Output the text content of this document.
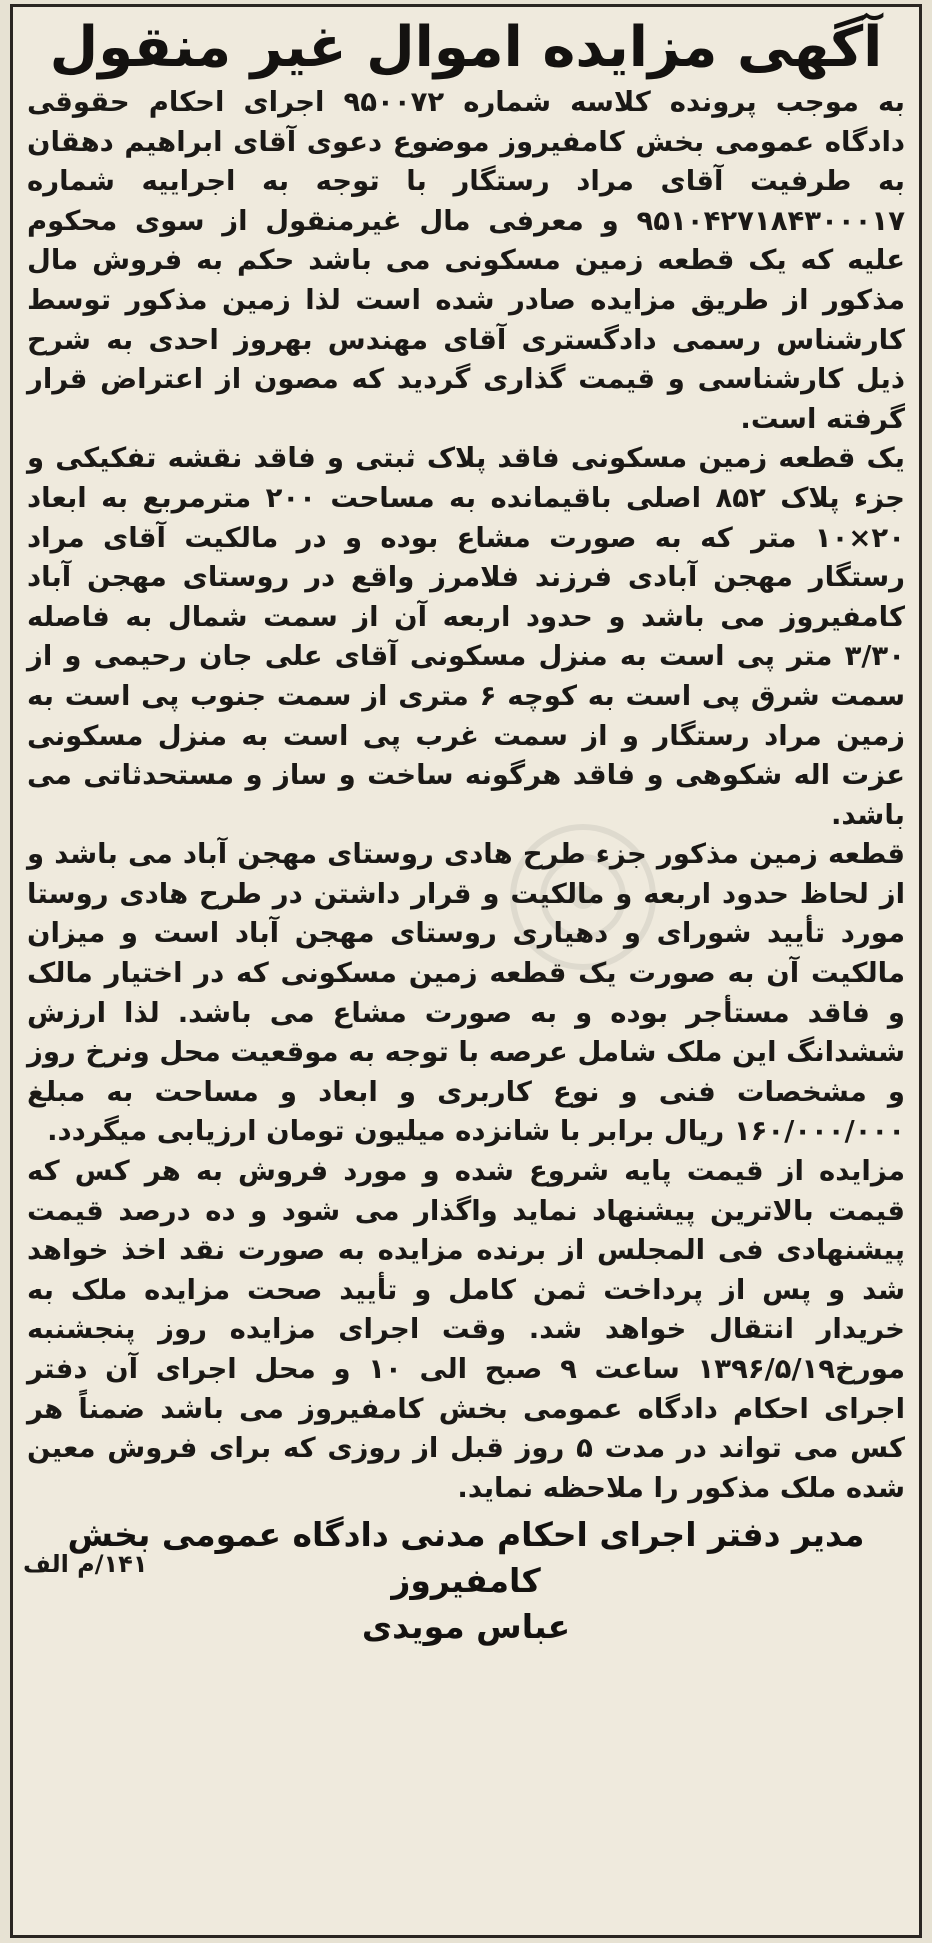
آگهی مزایده اموال غیر منقول

به موجب پرونده کلاسه شماره ۹۵۰۰۷۲ اجرای احکام حقوقی دادگاه عمومی بخش کامفیروز موضوع دعوی آقای ابراهیم دهقان به طرفیت آقای مراد رستگار با توجه به اجراییه شماره ۹۵۱۰۴۲۷۱۸۴۳۰۰۰۱۷ و معرفی مال غیرمنقول از سوی محکوم علیه که یک قطعه زمین مسکونی می باشد حکم به فروش مال مذکور از طریق مزایده صادر شده است لذا زمین مذکور توسط کارشناس رسمی دادگستری آقای مهندس بهروز احدی به شرح ذیل کارشناسی و قیمت گذاری گردید که مصون از اعتراض قرار گرفته است.

یک قطعه زمین مسکونی فاقد پلاک ثبتی و فاقد نقشه تفکیکی و جزء پلاک ۸۵۲ اصلی باقیمانده به مساحت ۲۰۰ مترمربع به ابعاد ۲۰×۱۰ متر که به صورت مشاع بوده و در مالکیت آقای مراد رستگار مهجن آبادی فرزند فلامرز واقع در روستای مهجن آباد کامفیروز می باشد و حدود اربعه آن از سمت شمال به فاصله ۳/۳۰ متر پی است به منزل مسکونی آقای علی جان رحیمی و از سمت شرق پی است به کوچه ۶ متری از سمت جنوب پی است به زمین مراد رستگار و از سمت غرب پی است به منزل مسکونی عزت اله شکوهی و فاقد هرگونه ساخت و ساز و مستحدثاتی می باشد.

قطعه زمین مذکور جزء طرح هادی روستای مهجن آباد می باشد و از لحاظ حدود اربعه و مالکیت و قرار داشتن در طرح هادی روستا مورد تأیید شورای و دهیاری روستای مهجن آباد است و میزان مالکیت آن به صورت یک قطعه زمین مسکونی که در اختیار مالک و فاقد مستأجر بوده و به صورت مشاع می باشد. لذا ارزش ششدانگ این ملک شامل عرصه با توجه به موقعیت محل ونرخ روز و مشخصات فنی و نوع کاربری و ابعاد و مساحت به مبلغ ۱۶۰/۰۰۰/۰۰۰ ریال برابر با شانزده میلیون تومان ارزیابی میگردد.

مزایده از قیمت پایه شروع شده و مورد فروش به هر کس که قیمت بالاترین پیشنهاد نماید واگذار می شود و ده درصد قیمت پیشنهادی فی المجلس از برنده مزایده به صورت نقد اخذ خواهد شد و پس از پرداخت ثمن کامل و تأیید صحت مزایده ملک به خریدار انتقال خواهد شد. وقت اجرای مزایده روز پنجشنبه مورخ۱۳۹۶/۵/۱۹ ساعت ۹ صبح الی ۱۰ و محل اجرای آن دفتر اجرای احکام دادگاه عمومی بخش کامفیروز می باشد ضمناً هر کس می تواند در مدت ۵ روز قبل از روزی که برای فروش معین شده ملک مذکور را ملاحظه نماید.

مدیر دفتر اجرای احکام مدنی دادگاه عمومی بخش کامفیروز
عباس مویدی
۱۴۱/م الف
